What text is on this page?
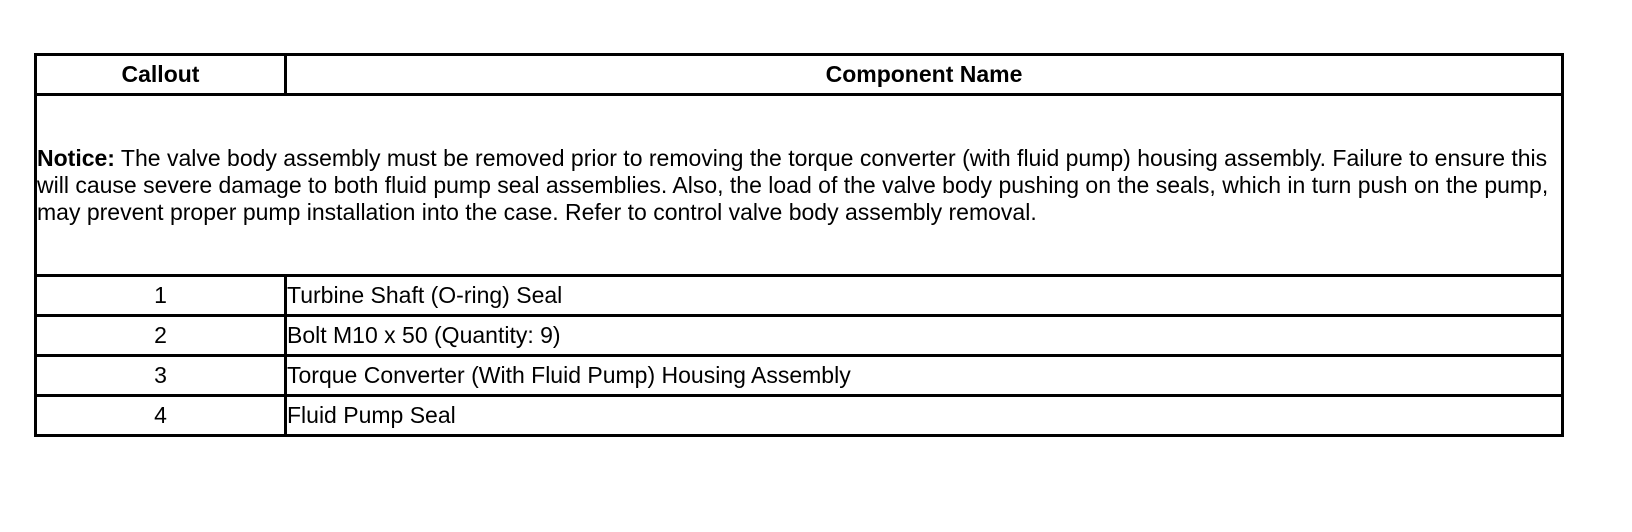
Callout	Component Name
Notice: The valve body assembly must be removed prior to removing the torque converter (with fluid pump) housing assembly. Failure to ensure this will cause severe damage to both fluid pump seal assemblies. Also, the load of the valve body pushing on the seals, which in turn push on the pump, may prevent proper pump installation into the case. Refer to control valve body assembly removal.	
1	Turbine Shaft (O-ring) Seal
2	Bolt M10 x 50 (Quantity: 9)
3	Torque Converter (With Fluid Pump) Housing Assembly
4	Fluid Pump Seal
